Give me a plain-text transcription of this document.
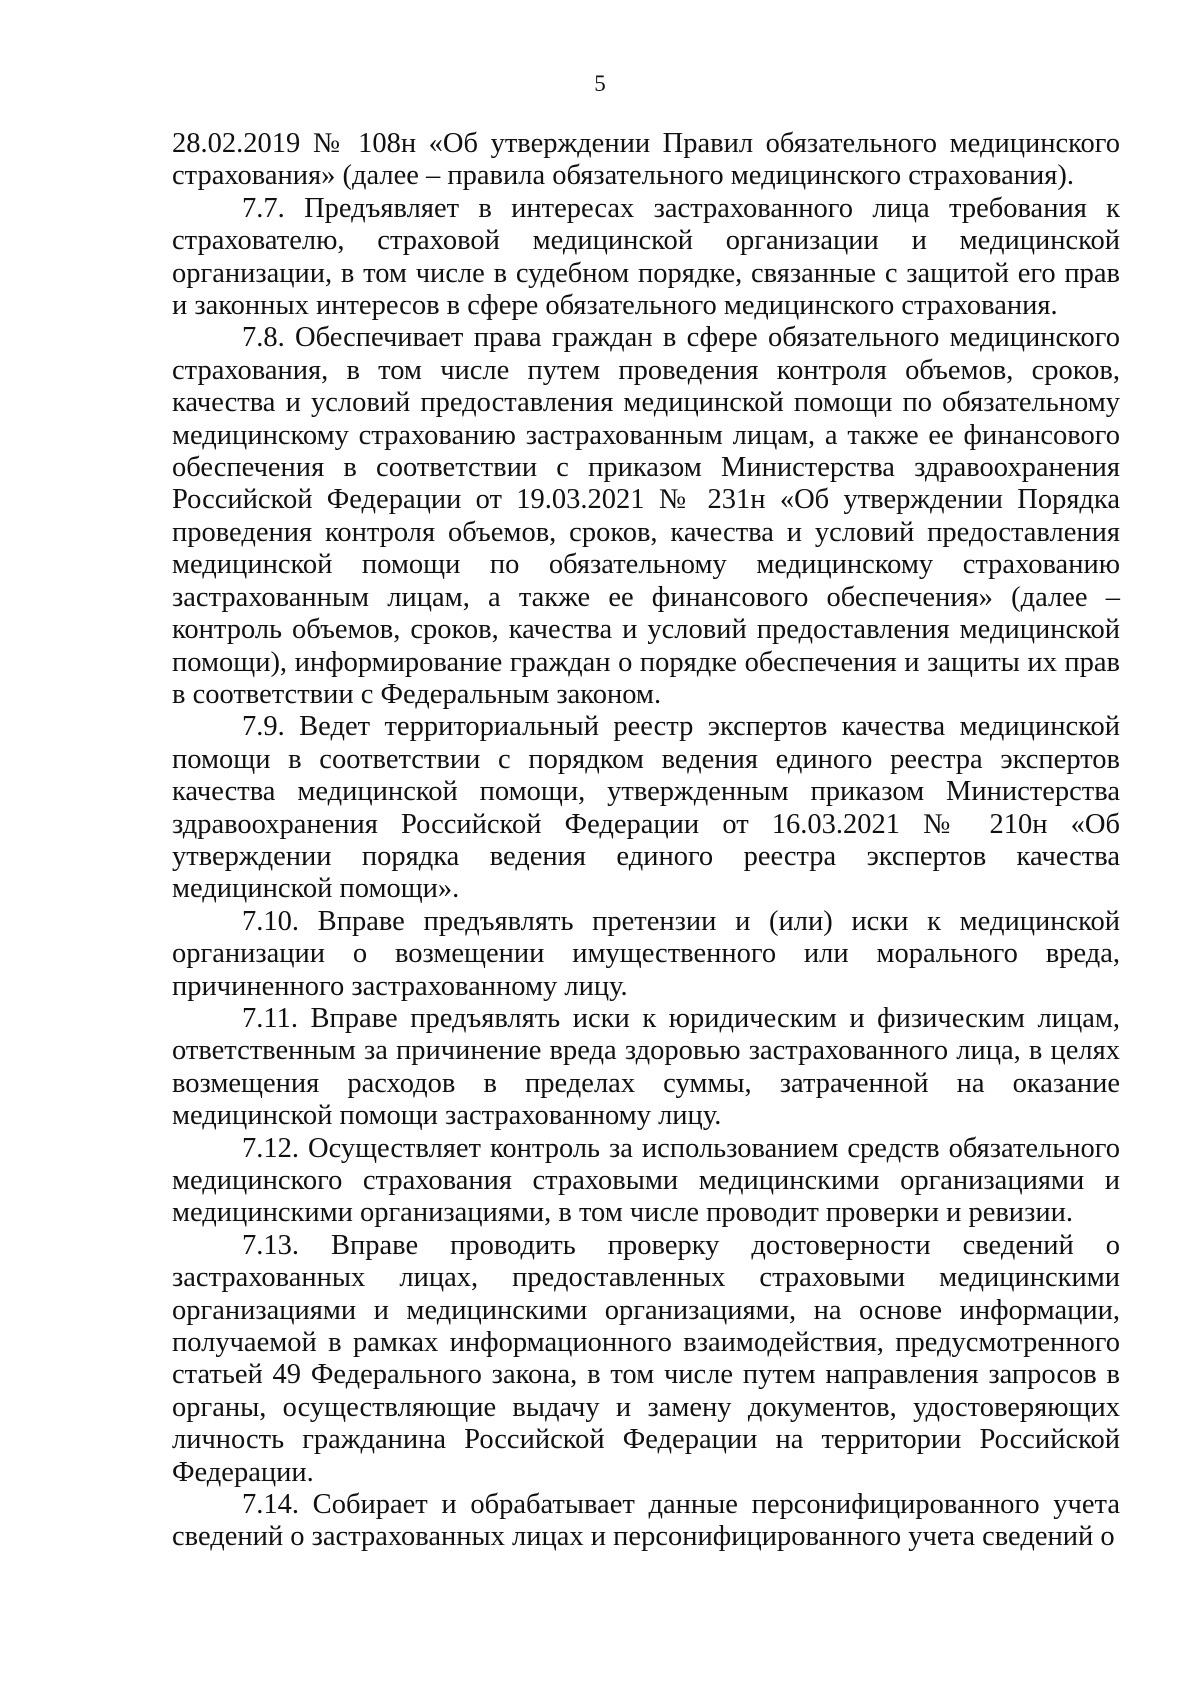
5

28.02.2019 № 108н «Об утверждении Правил обязательного медицинского страхования» (далее – правила обязательного медицинского страхования).

7.7. Предъявляет в интересах застрахованного лица требования к страхователю, страховой медицинской организации и медицинской организации, в том числе в судебном порядке, связанные с защитой его прав и законных интересов в сфере обязательного медицинского страхования.

7.8. Обеспечивает права граждан в сфере обязательного медицинского страхования, в том числе путем проведения контроля объемов, сроков, качества и условий предоставления медицинской помощи по обязательному медицинскому страхованию застрахованным лицам, а также ее финансового обеспечения в соответствии с приказом Министерства здравоохранения Российской Федерации от 19.03.2021 № 231н «Об утверждении Порядка проведения контроля объемов, сроков, качества и условий предоставления медицинской помощи по обязательному медицинскому страхованию застрахованным лицам, а также ее финансового обеспечения» (далее – контроль объемов, сроков, качества и условий предоставления медицинской помощи), информирование граждан о порядке обеспечения и защиты их прав в соответствии с Федеральным законом.

7.9. Ведет территориальный реестр экспертов качества медицинской помощи в соответствии с порядком ведения единого реестра экспертов качества медицинской помощи, утвержденным приказом Министерства здравоохранения Российской Федерации от 16.03.2021 № 210н «Об утверждении порядка ведения единого реестра экспертов качества медицинской помощи».

7.10. Вправе предъявлять претензии и (или) иски к медицинской организации о возмещении имущественного или морального вреда, причиненного застрахованному лицу.

7.11. Вправе предъявлять иски к юридическим и физическим лицам, ответственным за причинение вреда здоровью застрахованного лица, в целях возмещения расходов в пределах суммы, затраченной на оказание медицинской помощи застрахованному лицу.

7.12. Осуществляет контроль за использованием средств обязательного медицинского страхования страховыми медицинскими организациями и медицинскими организациями, в том числе проводит проверки и ревизии.

7.13. Вправе проводить проверку достоверности сведений о застрахованных лицах, предоставленных страховыми медицинскими организациями и медицинскими организациями, на основе информации, получаемой в рамках информационного взаимодействия, предусмотренного статьей 49 Федерального закона, в том числе путем направления запросов в органы, осуществляющие выдачу и замену документов, удостоверяющих личность гражданина Российской Федерации на территории Российской Федерации.

7.14. Собирает и обрабатывает данные персонифицированного учета сведений о застрахованных лицах и персонифицированного учета сведений о
